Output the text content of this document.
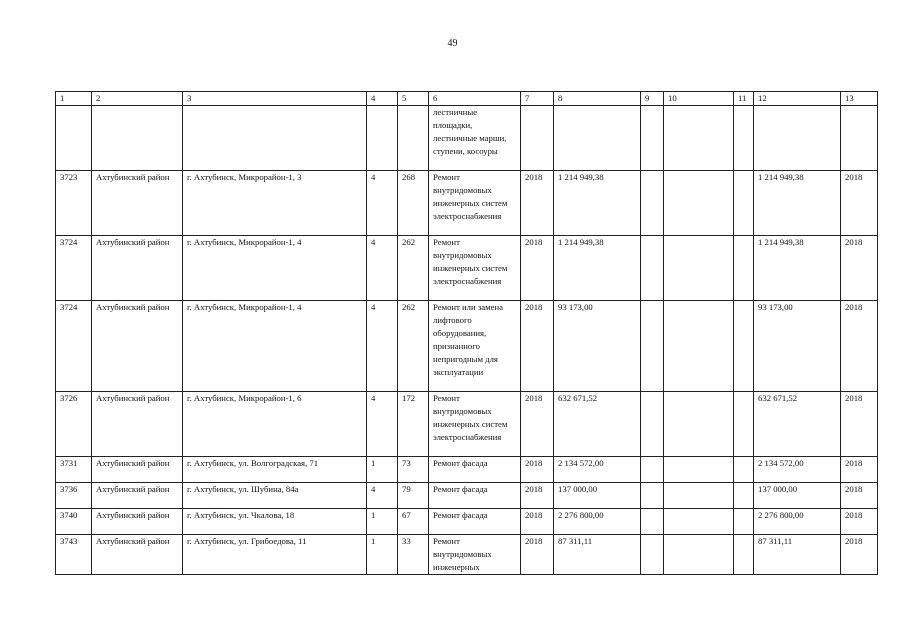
49
1	2	3	4	5	6	7	8	9	10	11	12	13
					лестничные площадки, лестничные марши, ступени, косоуры							
3723	Ахтубинский район	г. Ахтубинск, Микрорайон-1, 3	4	268	Ремонт внутридомовых инженерных систем электроснабжения	2018	1 214 949,38				1 214 949,38	2018
3724	Ахтубинский район	г. Ахтубинск, Микрорайон-1, 4	4	262	Ремонт внутридомовых инженерных систем электроснабжения	2018	1 214 949,38				1 214 949,38	2018
3724	Ахтубинский район	г. Ахтубинск, Микрорайон-1, 4	4	262	Ремонт или замена лифтового оборудования, признанного непригодным для эксплуатации	2018	93 173,00				93 173,00	2018
3726	Ахтубинский район	г. Ахтубинск, Микрорайон-1, 6	4	172	Ремонт внутридомовых инженерных систем электроснабжения	2018	632 671,52				632 671,52	2018
3731	Ахтубинский район	г. Ахтубинск, ул. Волгоградская, 71	1	73	Ремонт фасада	2018	2 134 572,00				2 134 572,00	2018
3736	Ахтубинский район	г. Ахтубинск, ул. Шубина, 84а	4	79	Ремонт фасада	2018	137 000,00				137 000,00	2018
3740	Ахтубинский район	г. Ахтубинск, ул. Чкалова, 18	1	67	Ремонт фасада	2018	2 276 800,00				2 276 800,00	2018
3743	Ахтубинский район	г. Ахтубинск, ул. Грибоедова, 11	1	33	Ремонт внутридомовых инженерных	2018	87 311,11				87 311,11	2018
